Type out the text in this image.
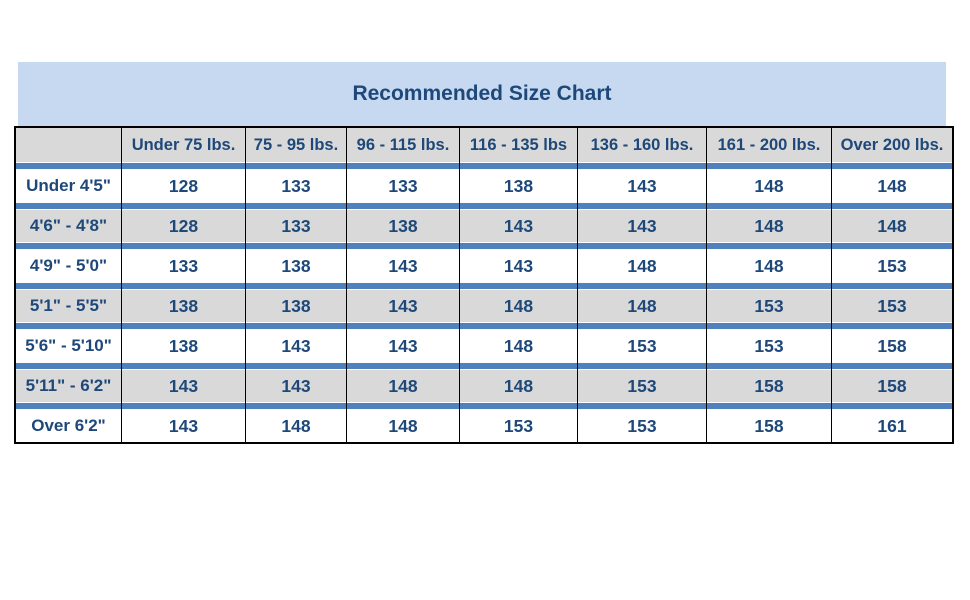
Recommended Size Chart
	Under 75 lbs.	75 - 95 lbs.	96 - 115 lbs.	116 - 135 lbs	136 - 160 lbs.	161 - 200 lbs.	Over 200 lbs.

Under 4'5"	128	133	133	138	143	148	148

4'6" - 4'8"	128	133	138	143	143	148	148

4'9" - 5'0"	133	138	143	143	148	148	153

5'1" - 5'5"	138	138	143	148	148	153	153

5'6" - 5'10"	138	143	143	148	153	153	158

5'11" - 6'2"	143	143	148	148	153	158	158

Over 6'2"	143	148	148	153	153	158	161
